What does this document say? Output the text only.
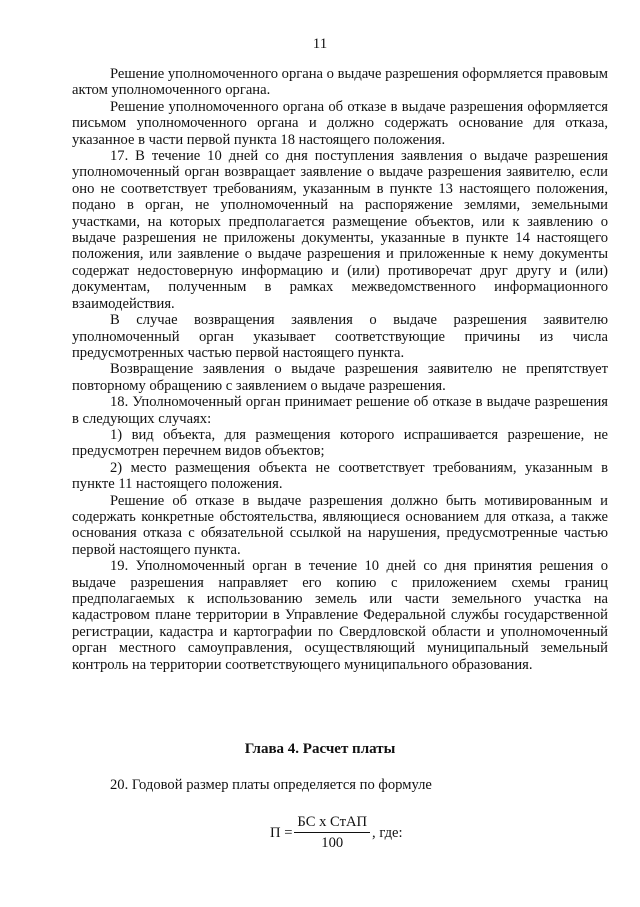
11

Решение уполномоченного органа о выдаче разрешения оформляется правовым актом уполномоченного органа.

Решение уполномоченного органа об отказе в выдаче разрешения оформляется письмом уполномоченного органа и должно содержать основание для отказа, указанное в части первой пункта 18 настоящего положения.

17. В течение 10 дней со дня поступления заявления о выдаче разрешения уполномоченный орган возвращает заявление о выдаче разрешения заявителю, если оно не соответствует требованиям, указанным в пункте 13 настоящего положения, подано в орган, не уполномоченный на распоряжение землями, земельными участками, на которых предполагается размещение объектов, или к заявлению о выдаче разрешения не приложены документы, указанные в пункте 14 настоящего положения, или заявление о выдаче разрешения и приложенные к нему документы содержат недостоверную информацию и (или) противоречат друг другу и (или) документам, полученным в рамках межведомственного информационного взаимодействия.

В случае возвращения заявления о выдаче разрешения заявителю уполномоченный орган указывает соответствующие причины из числа предусмотренных частью первой настоящего пункта.

Возвращение заявления о выдаче разрешения заявителю не препятствует повторному обращению с заявлением о выдаче разрешения.

18. Уполномоченный орган принимает решение об отказе в выдаче разрешения в следующих случаях:

1) вид объекта, для размещения которого испрашивается разрешение, не предусмотрен перечнем видов объектов;

2) место размещения объекта не соответствует требованиям, указанным в пункте 11 настоящего положения.

Решение об отказе в выдаче разрешения должно быть мотивированным и содержать конкретные обстоятельства, являющиеся основанием для отказа, а также основания отказа с обязательной ссылкой на нарушения, предусмотренные частью первой настоящего пункта.

19. Уполномоченный орган в течение 10 дней со дня принятия решения о выдаче разрешения направляет его копию с приложением схемы границ предполагаемых к использованию земель или части земельного участка на кадастровом плане территории в Управление Федеральной службы государственной регистрации, кадастра и картографии по Свердловской области и уполномоченный орган местного самоуправления, осуществляющий муниципальный земельный контроль на территории соответствующего муниципального образования.

Глава 4. Расчет платы
20. Годовой размер платы определяется по формуле
$П = \frac{\text{БС х СтАП}}{100}$ , где:
